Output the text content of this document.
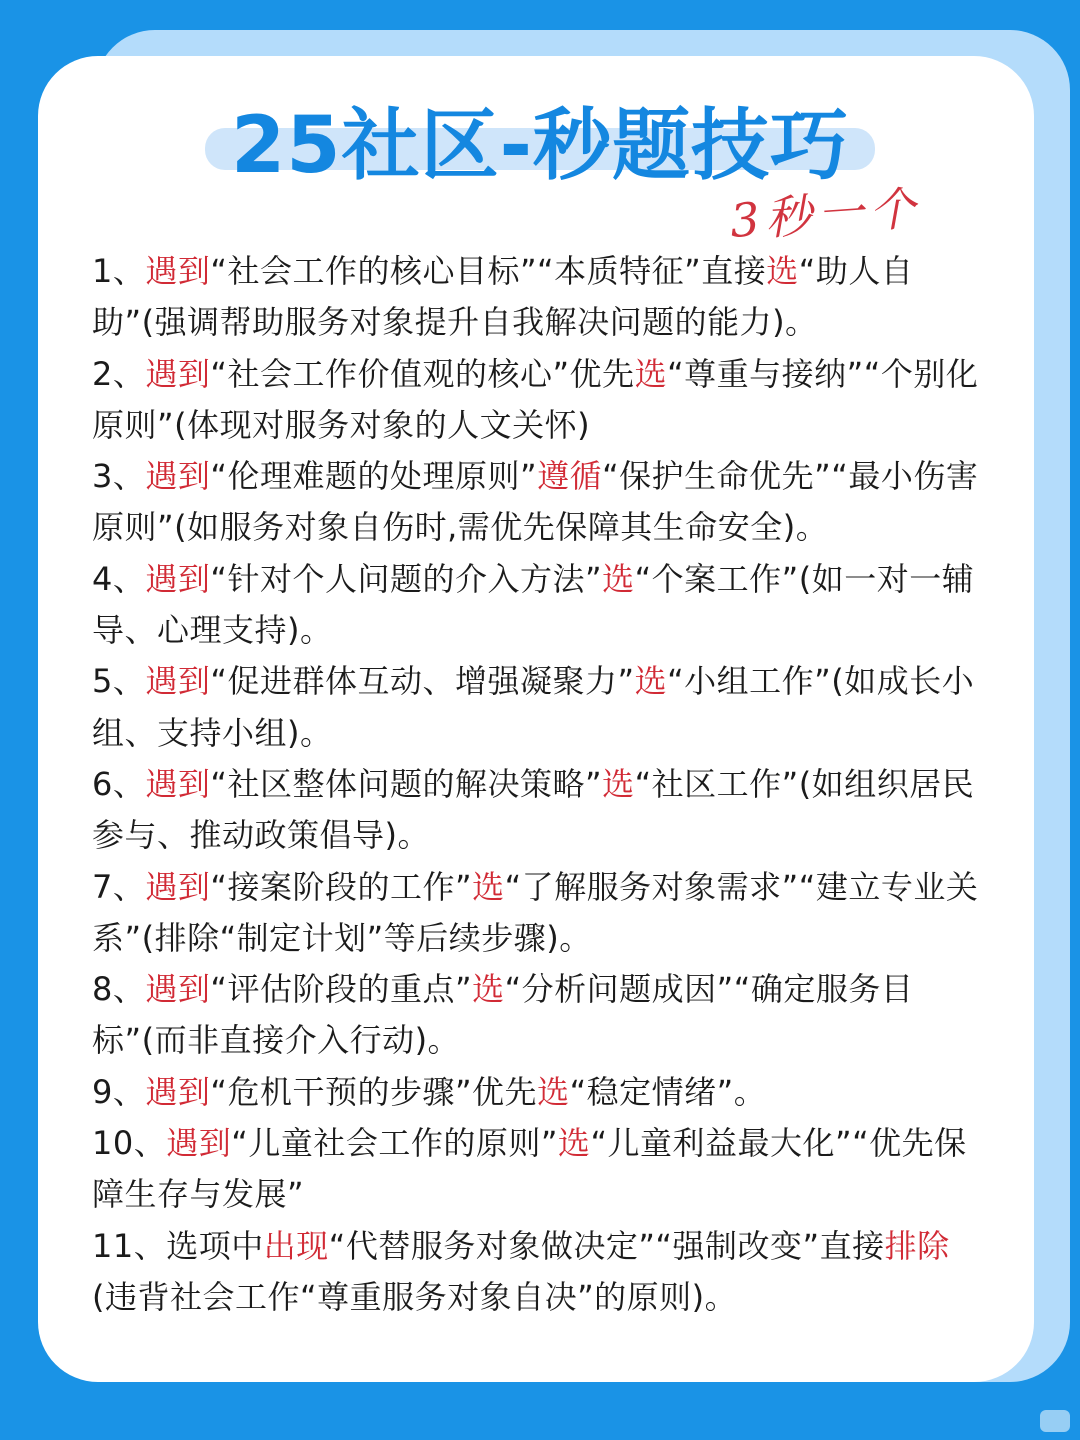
25社区-秒题技巧
3秒一个

1、遇到“社会工作的核心目标”“本质特征”直接选“助人自助”(强调帮助服务对象提升自我解决问题的能力)。

2、遇到“社会工作价值观的核心”优先选“尊重与接纳”“个别化原则”(体现对服务对象的人文关怀)

3、遇到“伦理难题的处理原则”遵循“保护生命优先”“最小伤害原则”(如服务对象自伤时,需优先保障其生命安全)。

4、遇到“针对个人问题的介入方法”选“个案工作”(如一对一辅导、心理支持)。

5、遇到“促进群体互动、增强凝聚力”选“小组工作”(如成长小组、支持小组)。

6、遇到“社区整体问题的解决策略”选“社区工作”(如组织居民参与、推动政策倡导)。

7、遇到“接案阶段的工作”选“了解服务对象需求”“建立专业关系”(排除“制定计划”等后续步骤)。

8、遇到“评估阶段的重点”选“分析问题成因”“确定服务目标”(而非直接介入行动)。

9、遇到“危机干预的步骤”优先选“稳定情绪”。

10、遇到“儿童社会工作的原则”选“儿童利益最大化”“优先保障生存与发展”

11、选项中出现“代替服务对象做决定”“强制改变”直接排除(违背社会工作“尊重服务对象自决”的原则)。
